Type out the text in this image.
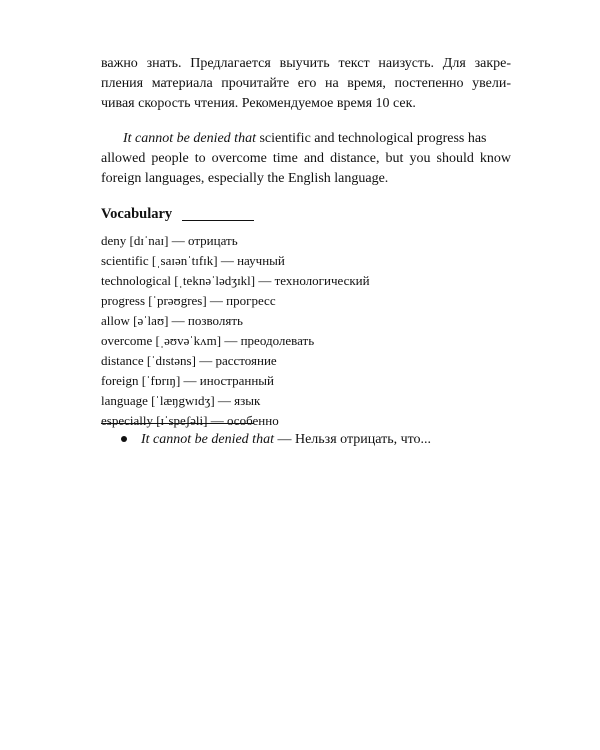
важно знать. Предлагается выучить текст наизусть. Для закре-
пления материала прочитайте его на время, постепенно увели-
чивая скорость чтения. Рекомендуемое время 10 сек.
It cannot be denied that scientific and technological progress has
allowed people to overcome time and distance, but you should know
foreign languages, especially the English language.
Vocabulary
deny [dɪˈnaɪ] — отрицать
scientific [ˌsaɪənˈtɪfɪk] — научный
technological [ˌteknəˈlədʒɪkl] — технологический
progress [ˈprəʊgres] — прогресс
allow [əˈlaʊ] — позволять
overcome [ˌəʊvəˈkʌm] — преодолевать
distance [ˈdɪstəns] — расстояние
foreign [ˈfɒrɪŋ] — иностранный
language [ˈlæŋgwɪdʒ] — язык
especially [ɪˈspeʃəli] — особенно
It cannot be denied that — Нельзя отрицать, что...
